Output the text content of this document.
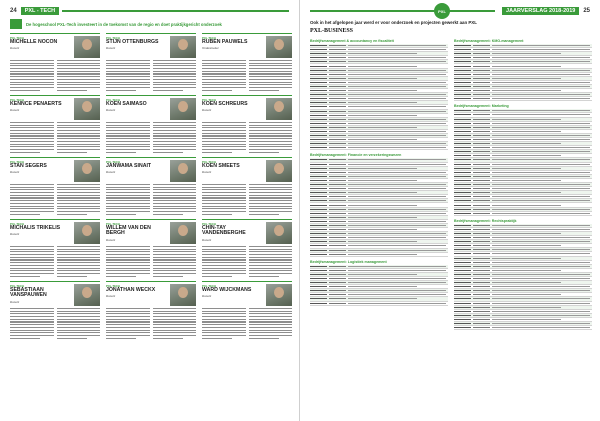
24	PXL - TECH
De hogeschool PXL-Tech investeert in de toekomst van de regio en doet praktijkgericht onderzoek
PXL-TECH
MICHELLE NOCON
Docent
PXL-TECH
STIJN OTTENBURGS
Docent
PXL-TECH
RUBEN PAUWELS
Onderzoeker
PXL-TECH
KENNCE PENAERTS
Docent
PXL-TECH
KOEN SAIMASO
Docent
PXL-TECH
KOEN SCHREURS
Docent
PXL-TECH
STAN SEGERS
Docent
PXL-TECH
JANWAMA SINAIT
Docent
PXL-TECH
KOEN SMEETS
Docent
PXL-TECH
MICHALIS TRIKELIS
Docent
PXL-TECH
WILLEM VAN DEN BERGH
Docent
PXL-TECH
CHIN-TAY VANDENBERGHE
Docent
PXL-TECH
SEBASTIAAN VANSPAUWEN
Docent
PXL-TECH
JONATHAN WECKX
Docent
PXL-TECH
WARD WIJCKMANS
Docent
JAARVERSLAG 2018-2019	25
PXL
Ook in het afgelopen jaar werd er voor onderzoek en projecten gewerkt aan PXL
PXL-BUSINESS
Bedrijfsmanagement & accountancy en fiscaliteit
Bedrijfsmanagement: Financie en verzekeringswezen
Bedrijfsmanagement: Logistiek management
Bedrijfsmanagement: KMO-management
Bedrijfsmanagement: Marketing
Bedrijfsmanagement: Rechtspraktijk
